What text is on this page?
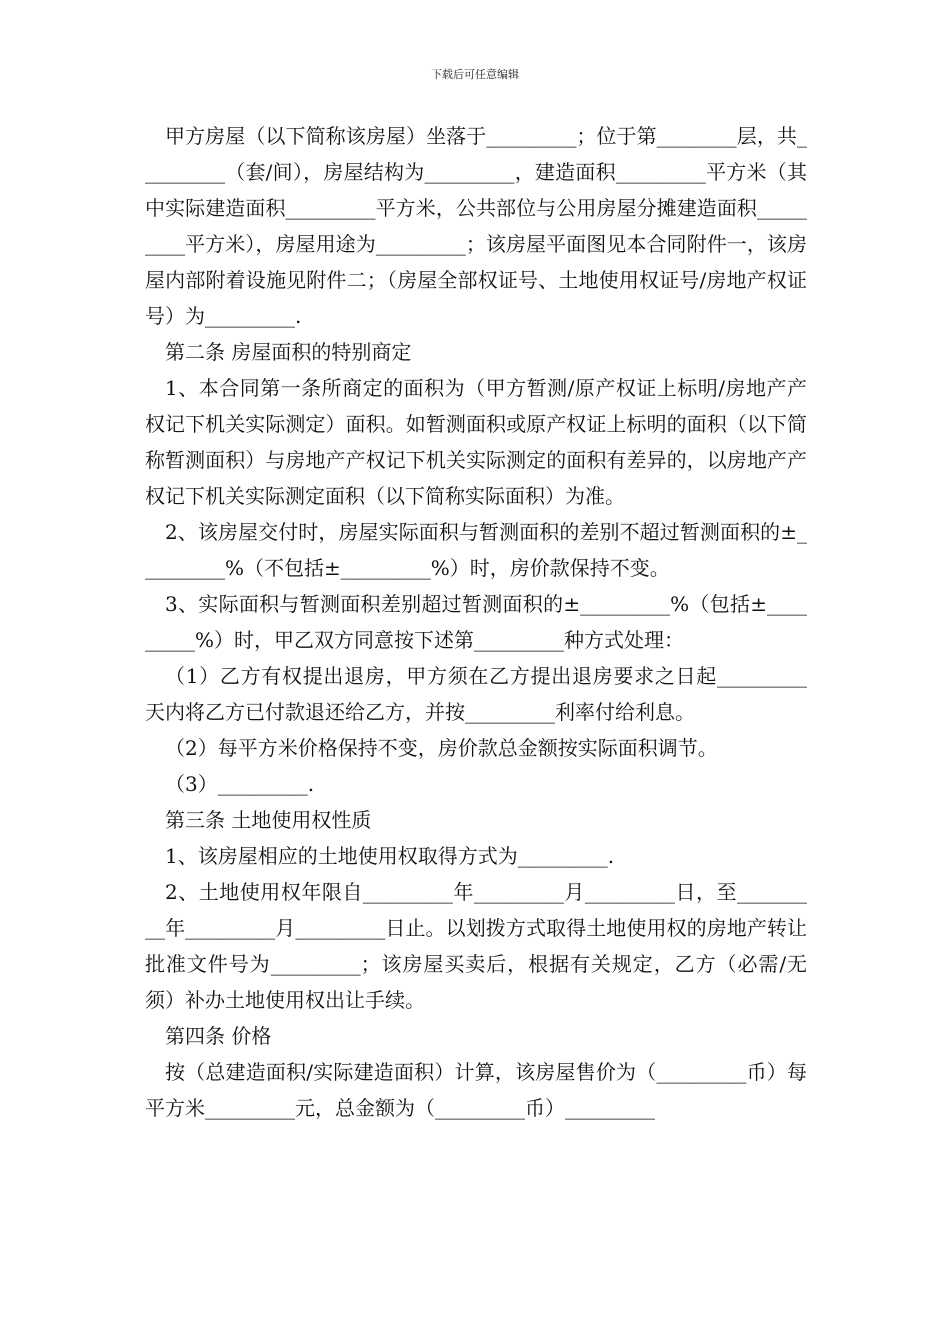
下载后可任意编辑

甲方房屋（以下简称该房屋）坐落于_________；位于第________层，共_________（套/间），房屋结构为_________，建造面积_________平方米（其中实际建造面积_________平方米，公共部位与公用房屋分摊建造面积_________平方米），房屋用途为_________；该房屋平面图见本合同附件一，该房屋内部附着设施见附件二；（房屋全部权证号、土地使用权证号/房地产权证号）为_________.

第二条 房屋面积的特别商定

1、本合同第一条所商定的面积为（甲方暂测/原产权证上标明/房地产产权记下机关实际测定）面积。如暂测面积或原产权证上标明的面积（以下简称暂测面积）与房地产产权记下机关实际测定的面积有差异的，以房地产产权记下机关实际测定面积（以下简称实际面积）为准。

2、该房屋交付时，房屋实际面积与暂测面积的差别不超过暂测面积的±_________%（不包括±_________%）时，房价款保持不变。

3、实际面积与暂测面积差别超过暂测面积的±_________%（包括±_________%）时，甲乙双方同意按下述第_________种方式处理：

（1）乙方有权提出退房，甲方须在乙方提出退房要求之日起_________天内将乙方已付款退还给乙方，并按_________利率付给利息。

（2）每平方米价格保持不变，房价款总金额按实际面积调节。

（3）_________.

第三条 土地使用权性质

1、该房屋相应的土地使用权取得方式为_________.

2、土地使用权年限自_________年_________月_________日，至_________年_________月_________日止。以划拨方式取得土地使用权的房地产转让批准文件号为_________；该房屋买卖后，根据有关规定，乙方（必需/无须）补办土地使用权出让手续。

第四条 价格

按（总建造面积/实际建造面积）计算，该房屋售价为（_________币）每平方米_________元，总金额为（_________币）_________
